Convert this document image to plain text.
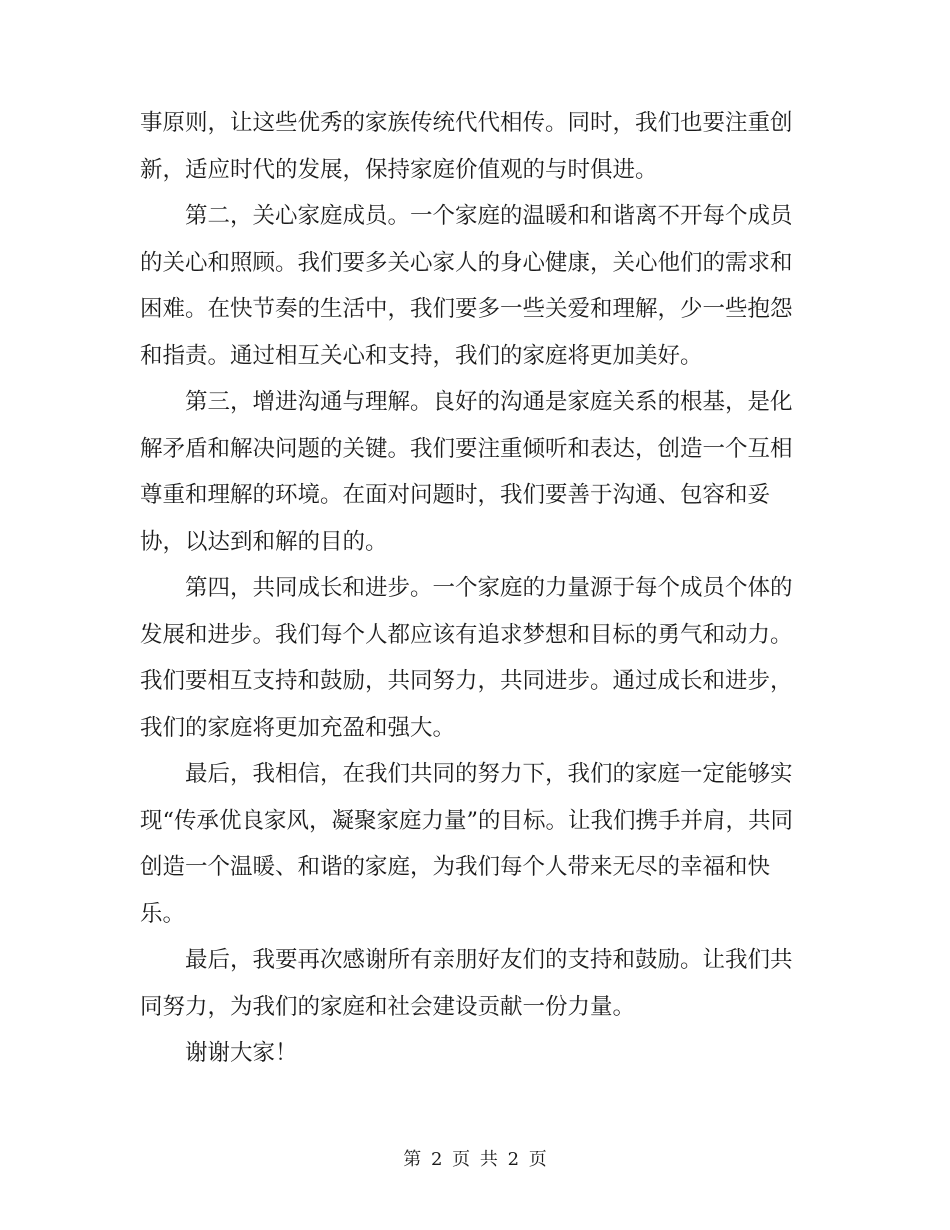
事原则，让这些优秀的家族传统代代相传。同时，我们也要注重创新，适应时代的发展，保持家庭价值观的与时俱进。

第二，关心家庭成员。一个家庭的温暖和和谐离不开每个成员的关心和照顾。我们要多关心家人的身心健康，关心他们的需求和困难。在快节奏的生活中，我们要多一些关爱和理解，少一些抱怨和指责。通过相互关心和支持，我们的家庭将更加美好。

第三，增进沟通与理解。良好的沟通是家庭关系的根基，是化解矛盾和解决问题的关键。我们要注重倾听和表达，创造一个互相尊重和理解的环境。在面对问题时，我们要善于沟通、包容和妥协，以达到和解的目的。

第四，共同成长和进步。一个家庭的力量源于每个成员个体的发展和进步。我们每个人都应该有追求梦想和目标的勇气和动力。我们要相互支持和鼓励，共同努力，共同进步。通过成长和进步，我们的家庭将更加充盈和强大。

最后，我相信，在我们共同的努力下，我们的家庭一定能够实现“传承优良家风，凝聚家庭力量”的目标。让我们携手并肩，共同创造一个温暖、和谐的家庭，为我们每个人带来无尽的幸福和快乐。

最后，我要再次感谢所有亲朋好友们的支持和鼓励。让我们共同努力，为我们的家庭和社会建设贡献一份力量。

谢谢大家！

第 2 页 共 2 页
